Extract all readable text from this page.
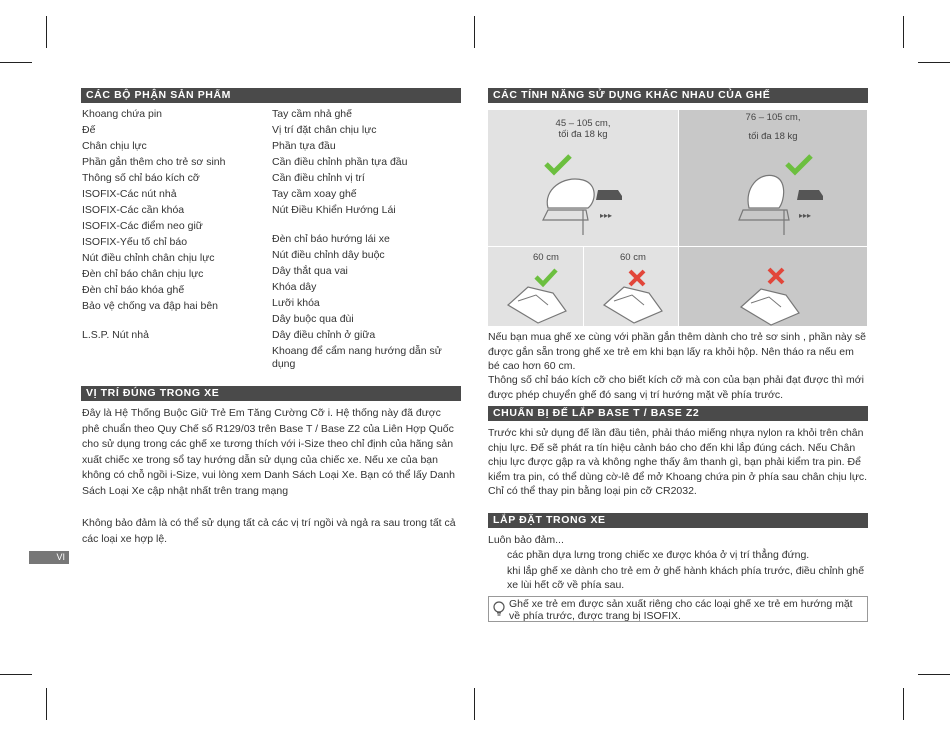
CÁC BỘ PHẬN SẢN PHẨM
Khoang chứa pin
Đế
Chân chịu lực
Phần gắn thêm cho trẻ sơ sinh
Thông số chỉ báo kích cỡ
ISOFIX-Các nút nhả
ISOFIX-Các cần khóa
ISOFIX-Các điểm neo giữ
ISOFIX-Yếu tố chỉ báo
Nút điều chỉnh chân chịu lực
Đèn chỉ báo chân chịu lực
Đèn chỉ báo khóa ghế
Bảo vệ chống va đập hai bên
L.S.P. Nút nhả
Tay cầm nhả ghế
Vị trí đặt chân chịu lực
Phần tựa đầu
Cần điều chỉnh phần tựa đầu
Cần điều chỉnh vị trí
Tay cầm xoay ghế
Nút Điều Khiển Hướng Lái
Đèn chỉ báo hướng lái xe
Nút điều chỉnh dây buộc
Dây thắt qua vai
Khóa dây
Lưỡi khóa
Dây buộc qua đùi
Dây điều chỉnh ở giữa
Khoang để cẩm nang hướng dẫn sử dụng
VỊ TRÍ ĐÚNG TRONG XE
Đây là Hệ Thống Buộc Giữ Trẻ Em Tăng Cường Cỡ i. Hệ thống này đã được phê chuẩn theo Quy Chế số R129/03 trên Base T / Base Z2 của Liên Hợp Quốc cho sử dụng trong các ghế xe tương thích với i-Size theo chỉ định của hãng sản xuất chiếc xe trong sổ tay hướng dẫn sử dụng của chiếc xe. Nếu xe của bạn không có chỗ ngồi i-Size, vui lòng xem Danh Sách Loại Xe. Bạn có thể lấy Danh Sách Loại Xe cập nhật nhất trên trang mạng
Không bảo đảm là có thể sử dụng tất cả các vị trí ngồi và ngả ra sau trong tất cả các loại xe hợp lệ.
VI
CÁC TÍNH NĂNG SỬ DỤNG KHÁC NHAU CỦA GHẾ
45 – 105 cm,
tối đa 18 kg
▸▸▸
76 – 105 cm,
tối đa 18 kg
▸▸▸
60 cm	60 cm
Nếu bạn mua ghế xe cùng với phần gắn thêm dành cho trẻ sơ sinh , phần này sẽ được gắn sẵn trong ghế xe trẻ em khi bạn lấy ra khỏi hộp. Nên tháo ra nếu em bé cao hơn 60 cm.
Thông số chỉ báo kích cỡ cho biết kích cỡ mà con của bạn phải đạt được thì mới được phép chuyển ghế đó sang vị trí hướng mặt về phía trước.
CHUẨN BỊ ĐẾ LẮP BASE T / BASE Z2
Trước khi sử dụng đế lần đầu tiên, phải tháo miếng nhựa nylon ra khỏi trên chân chịu lực. Đế sẽ phát ra tín hiệu cảnh báo cho đến khi lắp đúng cách. Nếu Chân chịu lực được gập ra và không nghe thấy âm thanh gì, bạn phải kiểm tra pin. Để kiểm tra pin, có thể dùng cờ-lê để mở Khoang chứa pin ở phía sau chân chịu lực. Chỉ có thể thay pin bằng loại pin cỡ CR2032.
LẮP ĐẶT TRONG XE
Luôn bảo đảm...
các phần dựa lưng trong chiếc xe được khóa ở vị trí thẳng đứng.
khi lắp ghế xe dành cho trẻ em ở ghế hành khách phía trước, điều chỉnh ghế xe lùi hết cỡ về phía sau.
Ghế xe trẻ em được sản xuất riêng cho các loại ghế xe trẻ em hướng mặt về phía trước, được trang bị ISOFIX.
